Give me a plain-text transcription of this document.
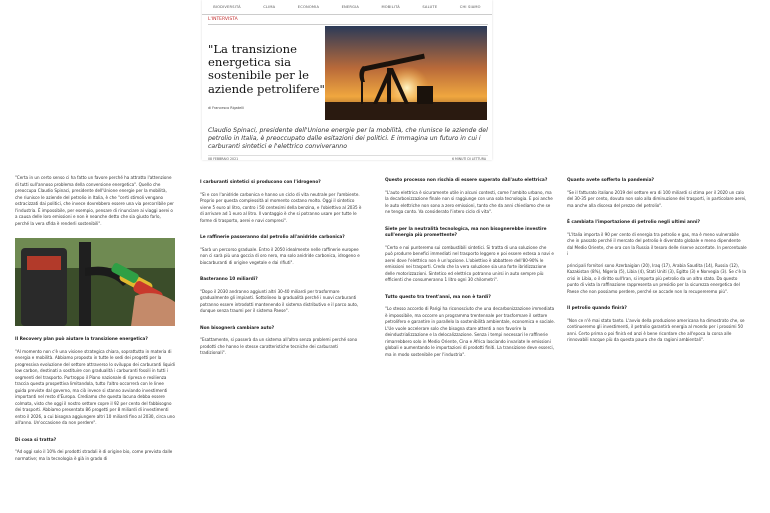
BIODIVERSITÀ	CLIMA	ECONOMIA	ENERGIA	MOBILITÀ	SALUTE	CHI SIAMO
L'INTERVISTA
"La transizione energetica sia sostenibile per le aziende petrolifere"
di Francesco Rigatelli
Claudio Spinaci, presidente dell'Unione energie per la mobilità, che riunisce le aziende del petrolio in Italia, è preoccupato dalle esitazioni dei politici. E immagina un futuro in cui i carburanti sintetici e l'elettrico conviveranno
08 FEBBRAIO 2021	6 MINUTI DI LETTURA

"Certa in un certo senso ci ha fatto un favore perché ha attratto l'attenzione di tutti sull'annoso problema della conversione energetica". Quello che preoccupa Claudio Spinaci, presidente dell'Unione energie per la mobilità, che riunisce le aziende del petrolio in Italia, è che "certi stimoli vengano ostracizzati dai politici, che invece dovrebbero essere una via percorribile per l'industria. È impossibile, per esempio, pensare di rinunciare ai viaggi aerei o a causa delle loro emissioni e non è neanche detto che sia giusto farlo, perché la vera sfida è renderli sostenibili".

Il Recovery plan può aiutare la transizione energetica?

"Al momento non c'è una visione strategica chiara, soprattutto in materia di energia e mobilità. Abbiamo proposto in tutte le sedi dei progetti per la progressiva evoluzione del settore attraverso lo sviluppo dei carburanti liquidi low carbon, destinati a sostituire con gradualità i carburanti fossili in tutti i segmenti del trasporto. Purtroppo il Piano nazionale di ripresa e resilienza traccia questa prospettiva limitandola, tutto l'altro occorrerà con le linee guida previste dal governo, ma ciò invece si stanno avviando investimenti importanti nel resto d'Europa. Crediamo che questa lacuna debba essere colmata, visto che oggi il nostro settore copre il 92 per cento del fabbisogno dei trasporti. Abbiamo presentato 86 progetti per 8 miliardi di investimenti entro il 2026, a cui bisogna aggiungere altri 10 miliardi fino al 2030, circa uno all'anno. Un'occasione da non perdere".

Di cosa si tratta?

"Ad oggi solo il 10% dei prodotti stradali è di origine bio, come previsto dalle normative; ma la tecnologia è già in grado di

I carburanti sintetici si producono con l'idrogeno?

"Sì e con l'anidride carbonica e hanno un ciclo di vita neutrale per l'ambiente. Proprio per questa complessità al momento costano molto. Oggi il sintetico viene 5 euro al litro, contro i 50 centesimi della benzina, e l'obiettivo al 2035 è di arrivare ad 1 euro al litro. Il vantaggio è che si potranno usare per tutte le forme di trasporto, aerei e navi compresi".

Le raffinerie passeranno dal petrolio all'anidride carbonica?

"Sarà un percorso graduale. Entro il 2050 idealmente nelle raffinerie europee non ci sarà più una goccia di oro nero, ma solo anidride carbonica, idrogeno e biocarburanti di origine vegetale e dai rifiuti".

Basteranno 10 miliardi?

"Dopo il 2030 andranno aggiunti altri 30-40 miliardi per trasformare gradualmente gli impianti. Sottolineo la gradualità perché i nuovi carburanti potranno essere introdotti mantenendo il sistema distributivo e il parco auto, dunque senza traumi per il sistema Paese".

Non bisognerà cambiare auto?

"Esattamente, si passerà da un sistema all'altro senza problemi perché sono prodotti che hanno le stesse caratteristiche tecniche dei carburanti tradizionali".

Questo processo non rischia di essere superato dall'auto elettrica?

"L'auto elettrica è sicuramente utile in alcuni contesti, come l'ambito urbano, ma la decarbonizzazione finale non si raggiunge con una sola tecnologia. E poi anche le auto elettriche non sono a zero emissioni, tanto che da anni chiediamo che se ne tenga conto. Va considerato l'intero ciclo di vita".

Siete per la neutralità tecnologica, ma non bisognerebbe investire sull'energia più promettente?

"Certo e noi punteremo sui combustibili sintetici. Si tratta di una soluzione che può produrre benefici immediati nel trasporto leggero e poi essere estesa a navi e aerei dove l'elettrico non è un'opzione. L'obiettivo è abbattere dell'80-90% le emissioni nei trasporti. Credo che la vera soluzione sia una forte ibridizzazione delle motorizzazioni. Sintetico ed elettrico potranno unirsi in auto sempre più efficienti che consumeranno 1 litro ogni 30 chilometri".

Tutto questo tra trent'anni, ma non è tardi?

"Lo stesso accordo di Parigi ha riconosciuto che una decarbonizzazione immediata è impossibile, ma occorre un programma trentennale per trasformare il settore petrolifero e garantire in parallelo la sostenibilità ambientale, economica e sociale. L'Ue vuole accelerare solo che bisogna stare attenti a non favorire la deindustrializzazione e la delocalizzazione. Senza i tempi necessari le raffinerie rimarrebbero solo in Medio Oriente, Cina e Africa lasciando invariate le emissioni globali e aumentando le importazioni di prodotti finiti. La transizione deve esserci, ma in modo sostenibile per l'industria".

Quanto avete sofferto la pandemia?

"Se il fatturato italiano 2019 del settore era di 100 miliardi si stima per il 2020 un calo del 30-35 per cento, dovuto non solo alla diminuzione dei trasporti, in particolare aerei, ma anche alla discesa del prezzo del petrolio".

È cambiata l'importazione di petrolio negli ultimi anni?

"L'Italia importa il 90 per cento di energia tra petrolio e gas, ma è meno vulnerabile che in passato perché il mercato del petrolio è diventato globale e meno dipendente dal Medio Oriente, che ora con la Russia il tesoro delle riserve accertate. In percentuale i

principali fornitori sono Azerbaigian (20), Iraq (17), Arabia Saudita (14), Russia (12), Kazakistan (8%), Nigeria (5), Libia (4), Stati Uniti (3), Egitto (3) e Norvegia (3). Se c'è la crisi in Libia, o il diritto sull'Iran, si importa più petrolio da un altro stato. Da questo punto di vista la raffinazione rappresenta un presidio per la sicurezza energetica del Paese che non possiamo perdere, perché se accade non la recupereremo più".

Il petrolio quando finirà?

"Non ce n'è mai stato tanto. L'avvio della produzione americana ha dimostrato che, se continueremo gli investimenti, il petrolio garantirà energia al mondo per i prossimi 50 anni. Certo prima o poi finirà ed anzi è bene ricordare che all'epoca la corsa alle rinnovabili nacque più da questa paura che da ragioni ambientali".
